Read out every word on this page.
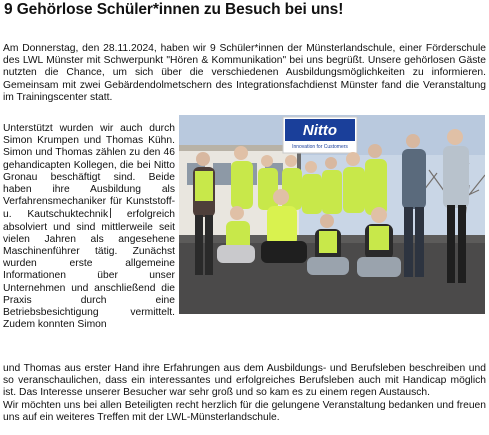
9 Gehörlose Schüler*innen zu Besuch bei uns!

Am Donnerstag, den 28.11.2024, haben wir 9 Schüler*innen der Münsterlandschule, einer Förderschule des LWL Münster mit Schwerpunkt "Hören & Kommunikation" bei uns begrüßt. Unsere gehörlosen Gäste nutzten die Chance, um sich über die verschiedenen Ausbildungsmöglichkeiten zu informieren. Gemeinsam mit zwei Gebärdendolmetschern des Integrationsfachdienst Münster fand die Veranstaltung im Trainingscenter statt.

Unterstützt wurden wir auch durch Simon Krumpen und Thomas Kühn. Simon und Thomas zählen zu den 46 gehandicapten Kollegen, die bei Nitto Gronau beschäftigt sind. Beide haben ihre Ausbildung als Verfahrensmechaniker für Kunststoff- u. Kautschuktechnik erfolgreich absolviert und sind mittlerweile seit vielen Jahren als angesehene Maschinenführer tätig. Zunächst wurden erste allgemeine Informationen über unser Unternehmen und anschließend die Praxis durch eine Betriebsbesichtigung vermittelt. Zudem konnten Simon
Nitto
Innovation for Customers

und Thomas aus erster Hand ihre Erfahrungen aus dem Ausbildungs- und Berufsleben beschreiben und so veranschaulichen, dass ein interessantes und erfolgreiches Berufsleben auch mit Handicap möglich ist. Das Interesse unserer Besucher war sehr groß und so kam es zu einem regen Austausch.

Wir möchten uns bei allen Beteiligten recht herzlich für die gelungene Veranstaltung bedanken und freuen uns auf ein weiteres Treffen mit der LWL-Münsterlandschule.
